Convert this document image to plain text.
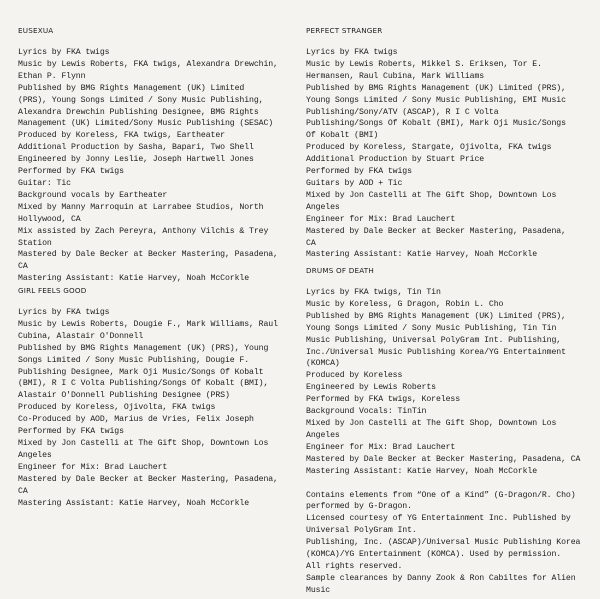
EUSEXUA
Lyrics by FKA twigs
Music by Lewis Roberts, FKA twigs, Alexandra Drewchin,
Ethan P. Flynn
Published by BMG Rights Management (UK) Limited
(PRS), Young Songs Limited / Sony Music Publishing,
Alexandra Drewchin Publishing Designee, BMG Rights
Management (UK) Limited/Sony Music Publishing (SESAC)
Produced by Koreless, FKA twigs, Eartheater
Additional Production by Sasha, Bapari, Two Shell
Engineered by Jonny Leslie, Joseph Hartwell Jones
Performed by FKA twigs
Guitar: Tic
Background vocals by Eartheater
Mixed by Manny Marroquin at Larrabee Studios, North
Hollywood, CA
Mix assisted by Zach Pereyra, Anthony Vilchis & Trey
Station
Mastered by Dale Becker at Becker Mastering, Pasadena,
CA
Mastering Assistant: Katie Harvey, Noah McCorkle
GIRL FEELS GOOD
Lyrics by FKA twigs
Music by Lewis Roberts, Dougie F., Mark Williams, Raul
Cubina, Alastair O'Donnell
Published by BMG Rights Management (UK) (PRS), Young
Songs Limited / Sony Music Publishing, Dougie F.
Publishing Designee, Mark Oji Music/Songs Of Kobalt
(BMI), R I C Volta Publishing/Songs Of Kobalt (BMI),
Alastair O'Donnell Publishing Designee (PRS)
Produced by Koreless, Ojivolta, FKA twigs
Co-Produced by AOD, Marius de Vries, Felix Joseph
Performed by FKA twigs
Mixed by Jon Castelli at The Gift Shop, Downtown Los
Angeles
Engineer for Mix: Brad Lauchert
Mastered by Dale Becker at Becker Mastering, Pasadena,
CA
Mastering Assistant: Katie Harvey, Noah McCorkle
PERFECT STRANGER
Lyrics by FKA twigs
Music by Lewis Roberts, Mikkel S. Eriksen, Tor E.
Hermansen, Raul Cubina, Mark Williams
Published by BMG Rights Management (UK) Limited (PRS),
Young Songs Limited / Sony Music Publishing, EMI Music
Publishing/Sony/ATV (ASCAP), R I C Volta
Publishing/Songs Of Kobalt (BMI), Mark Oji Music/Songs
Of Kobalt (BMI)
Produced by Koreless, Stargate, Ojivolta, FKA twigs
Additional Production by Stuart Price
Performed by FKA twigs
Guitars by AOD + Tic
Mixed by Jon Castelli at The Gift Shop, Downtown Los
Angeles
Engineer for Mix: Brad Lauchert
Mastered by Dale Becker at Becker Mastering, Pasadena,
CA
Mastering Assistant: Katie Harvey, Noah McCorkle
DRUMS OF DEATH
Lyrics by FKA twigs, Tin Tin
Music by Koreless, G Dragon, Robin L. Cho
Published by BMG Rights Management (UK) Limited (PRS),
Young Songs Limited / Sony Music Publishing, Tin Tin
Music Publishing, Universal PolyGram Int. Publishing,
Inc./Universal Music Publishing Korea/YG Entertainment
(KOMCA)
Produced by Koreless
Engineered by Lewis Roberts
Performed by FKA twigs, Koreless
Background Vocals: TinTin
Mixed by Jon Castelli at The Gift Shop, Downtown Los
Angeles
Engineer for Mix: Brad Lauchert
Mastered by Dale Becker at Becker Mastering, Pasadena, CA
Mastering Assistant: Katie Harvey, Noah McCorkle
Contains elements from “One of a Kind” (G-Dragon/R. Cho)
performed by G-Dragon.
Licensed courtesy of YG Entertainment Inc. Published by
Universal PolyGram Int.
Publishing, Inc. (ASCAP)/Universal Music Publishing Korea
(KOMCA)/YG Entertainment (KOMCA). Used by permission.
All rights reserved.
Sample clearances by Danny Zook & Ron Cabiltes for Alien
Music
